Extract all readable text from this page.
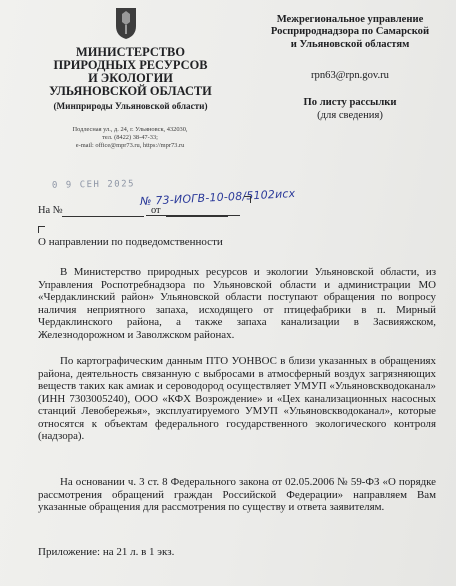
МИНИСТЕРСТВО
ПРИРОДНЫХ РЕСУРСОВ
И ЭКОЛОГИИ
УЛЬЯНОВСКОЙ ОБЛАСТИ
(Минприроды Ульяновской области)
Подлесная ул., д. 24, г. Ульяновск, 432030,
тел. (8422) 38-47-33;
e-mail: office@mpr73.ru, https://mpr73.ru
Межрегиональное управление
Росприроднадзора по Самарской
и Ульяновской областям
rpn63@rpn.gov.ru
По листу рассылки
(для сведения)
0 9 СЕН 2025
№ 73-ИОГВ-10-08/5102исх
На №	от
О направлении по подведомственности

В Министерство природных ресурсов и экологии Ульяновской области, из Управления Роспотребнадзора по Ульяновской области и администрации МО «Чердаклинский район» Ульяновской области поступают обращения по вопросу наличия неприятного запаха, исходящего от птицефабрики в п. Мирный Чердаклинского района, а также запаха канализации в Засвияжском, Железнодорожном и Заволжском районах.

По картографическим данным ПТО УОНВОС в близи указанных в обращениях района, деятельность связанную с выбросами в атмосферный воздух загрязняющих веществ таких как амиак и сероводород осуществляет УМУП «Ульяновскводоканал» (ИНН 7303005240), ООО «КФХ Возрождение» и «Цех канализационных насосных станций Левобережья», эксплуатируемого УМУП «Ульяновскводоканал», которые относятся к объектам федерального государственного экологического контроля (надзора).

На основании ч. 3 ст. 8 Федерального закона от 02.05.2006 № 59-ФЗ «О порядке рассмотрения обращений граждан Российской Федерации» направляем Вам указанные обращения для рассмотрения по существу и ответа заявителям.

Приложение: на 21 л. в 1 экз.
